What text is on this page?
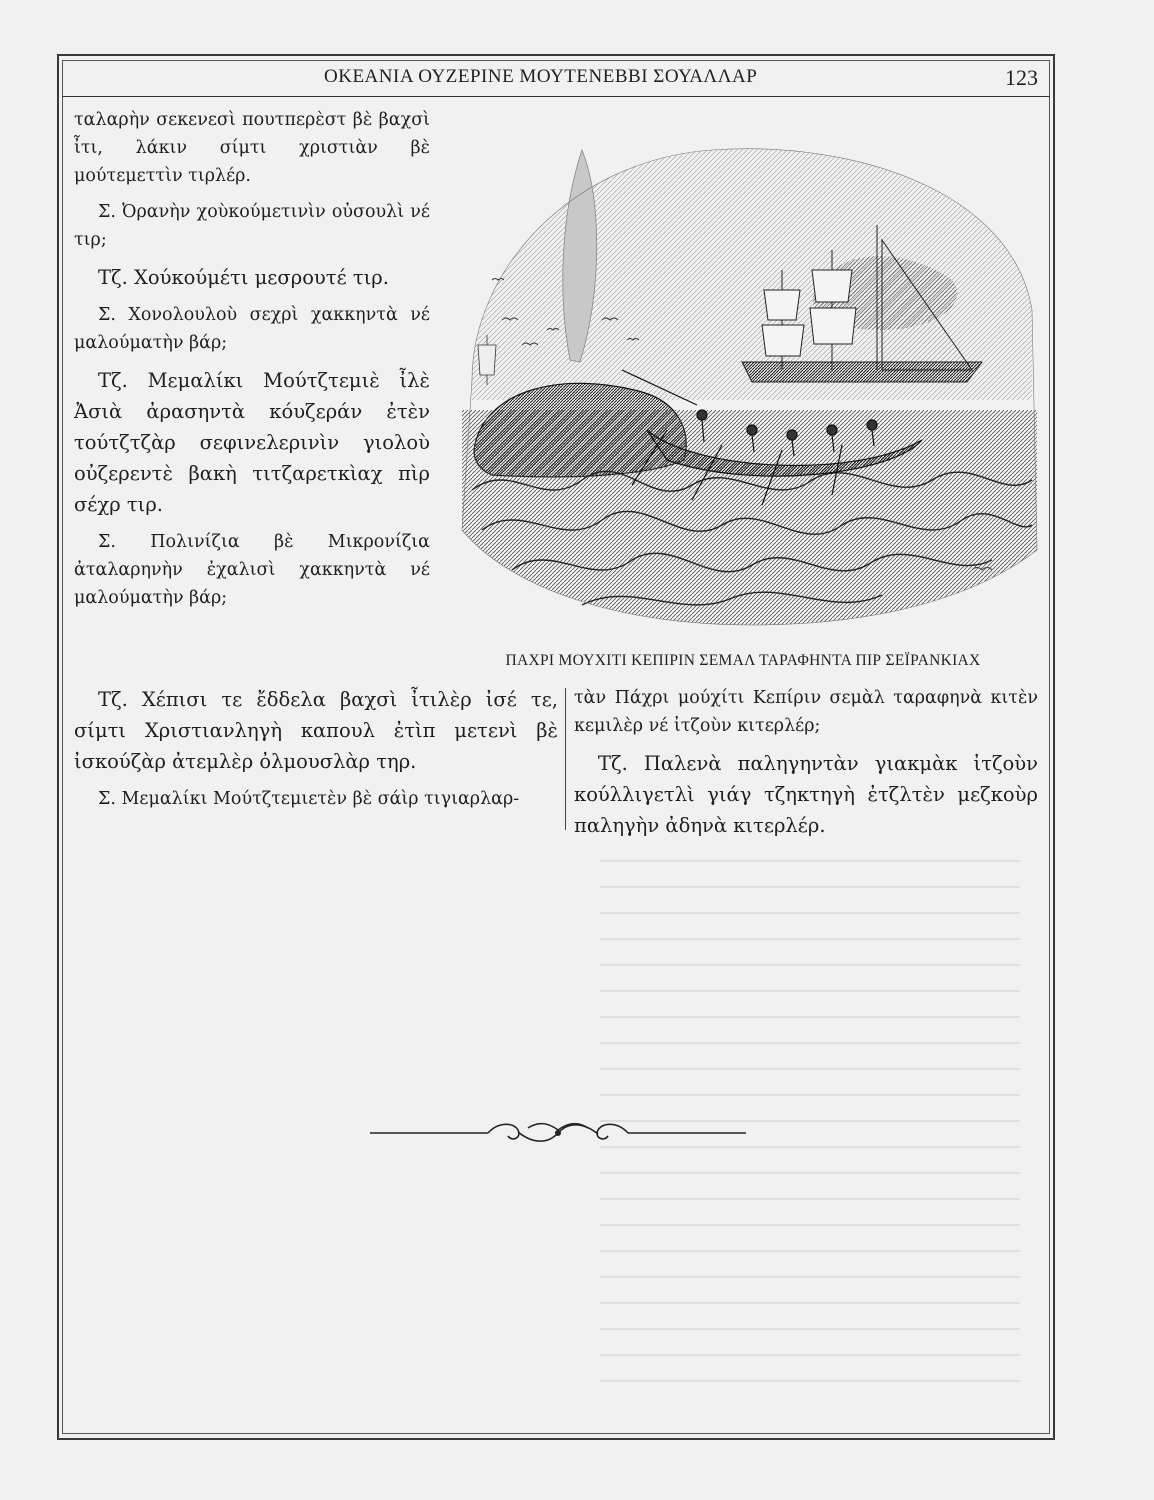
ΟΚΕΑΝΙΑ ΟΥΖΕΡΙΝΕ ΜΟΥΤΕΝΕΒΒΙ ΣΟΥΑΛΛΑΡ	123

ταλαρὴν σεκενεσὶ πουτπερὲστ βὲ βαχσὶ ἶτι, λάκιν σίμτι χριστιὰν βὲ μούτεμεττὶν τιρλέρ.

Σ. Ὀρανὴν χοὺκούμετινὶν οὐσουλὶ νέ τιρ;

Τζ. Χούκούμέτι μεσρουτέ τιρ.

Σ. Χονολουλοὺ σεχρὶ χακκηντὰ νέ μαλούματὴν βάρ;

Τζ. Μεμαλίκι Μούτζτεμιὲ ἶλὲ Ἀσιὰ ἀρασηντὰ κόυζεράν ἐτὲν τούτζτζὰρ σεφινελερινὶν γιολοὺ οὐζερεντὲ βακὴ τιτζαρετκὶαχ πὶρ σέχρ τιρ.

Σ. Πολινίζια βὲ Μικρονίζια ἀταλαρηνὴν ἐχαλισὶ χακκηντὰ νέ μαλούματὴν βάρ;

ΠΑΧΡΙ ΜΟΥΧΙΤΙ ΚΕΠΙΡΙΝ ΣΕΜΑΛ ΤΑΡΑΦΗΝΤΑ ΠΙΡ ΣΕΪΡΑΝΚΙΑΧ

Τζ. Χέπισι τε ἔδδελα βαχσὶ ἶτιλὲρ ἰσέ τε, σίμτι Χριστιανληγὴ καπουλ ἐτὶπ μετενὶ βὲ ἰσκούζὰρ ἀτεμλὲρ ὀλμουσλὰρ τηρ.

Σ. Μεμαλίκι Μούτζτεμιετὲν βὲ σάὶρ τιγιαρλαρ-

τὰν Πάχρι μούχίτι Κεπίριν σεμὰλ ταραφηνὰ κιτὲν κεμιλὲρ νέ ἰτζοὺν κιτερλέρ;

Τζ. Παλενὰ παληγηντὰν γιακμὰκ ἰτζοὺν κούλλιγετλὶ γιάγ τζηκτηγὴ ἐτζλτὲν μεζκοὺρ παληγὴν ἀδηνὰ κιτερλέρ.
